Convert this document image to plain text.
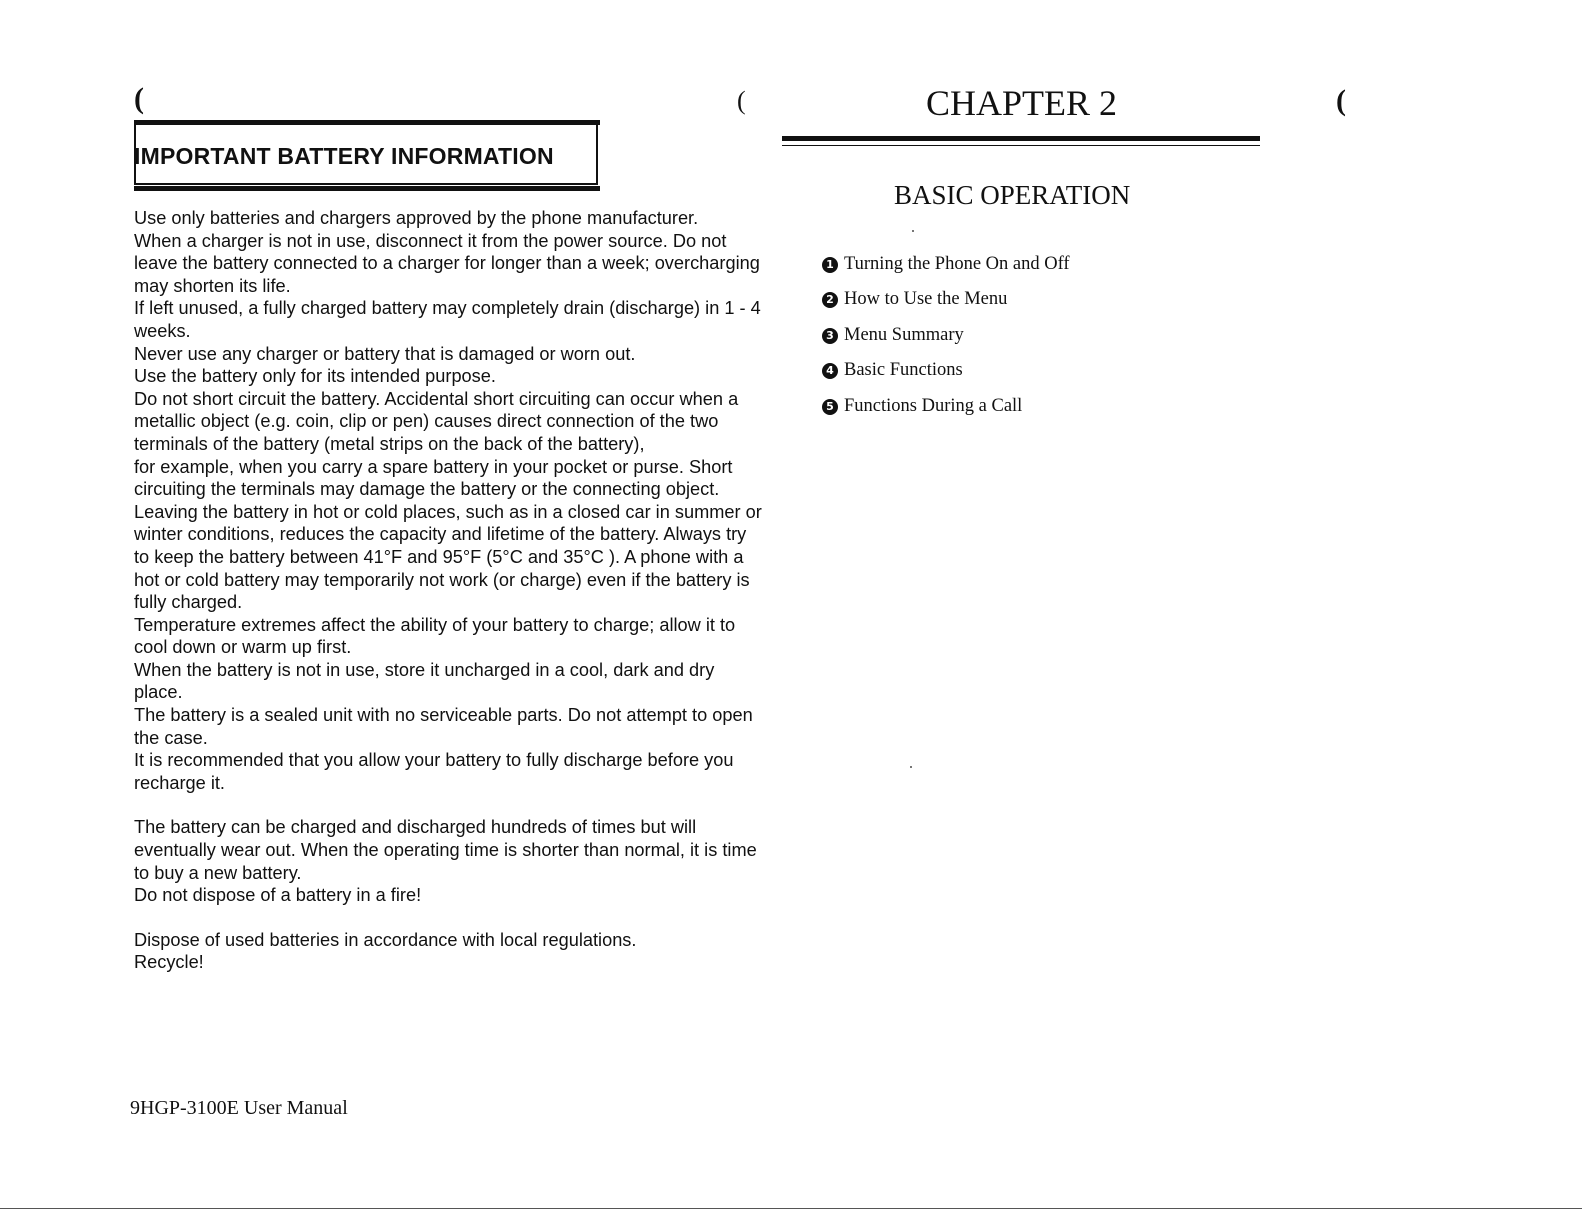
(	(	(
IMPORTANT BATTERY INFORMATION

Use only batteries and chargers approved by the phone manufacturer.

When a charger is not in use, disconnect it from the power source. Do not leave the battery connected to a charger for longer than a week; overcharging may shorten its life.

If left unused, a fully charged battery may completely drain (discharge) in 1 - 4 weeks.

Never use any charger or battery that is damaged or worn out.

Use the battery only for its intended purpose.

Do not short circuit the battery. Accidental short circuiting can occur when a metallic object (e.g. coin, clip or pen) causes direct connection of the two terminals of the battery (metal strips on the back of the battery),

for example, when you carry a spare battery in your pocket or purse. Short circuiting the terminals may damage the battery or the connecting object.

Leaving the battery in hot or cold places, such as in a closed car in summer or winter conditions, reduces the capacity and lifetime of the battery. Always try to keep the battery between 41°F and 95°F (5°C and 35°C ). A phone with a hot or cold battery may temporarily not work (or charge) even if the battery is fully charged.

Temperature extremes affect the ability of your battery to charge; allow it to cool down or warm up first.

When the battery is not in use, store it uncharged in a cool, dark and dry place.

The battery is a sealed unit with no serviceable parts. Do not attempt to open the case.

It is recommended that you allow your battery to fully discharge before you recharge it.

The battery can be charged and discharged hundreds of times but will eventually wear out. When the operating time is shorter than normal, it is time to buy a new battery.

Do not dispose of a battery in a fire!

Dispose of used batteries in accordance with local regulations.

Recycle!

9HGP-3100E User Manual
CHAPTER 2
BASIC OPERATION
1 Turning the Phone On and Off
2 How to Use the Menu
3 Menu Summary
4 Basic Functions
5 Functions During a Call
